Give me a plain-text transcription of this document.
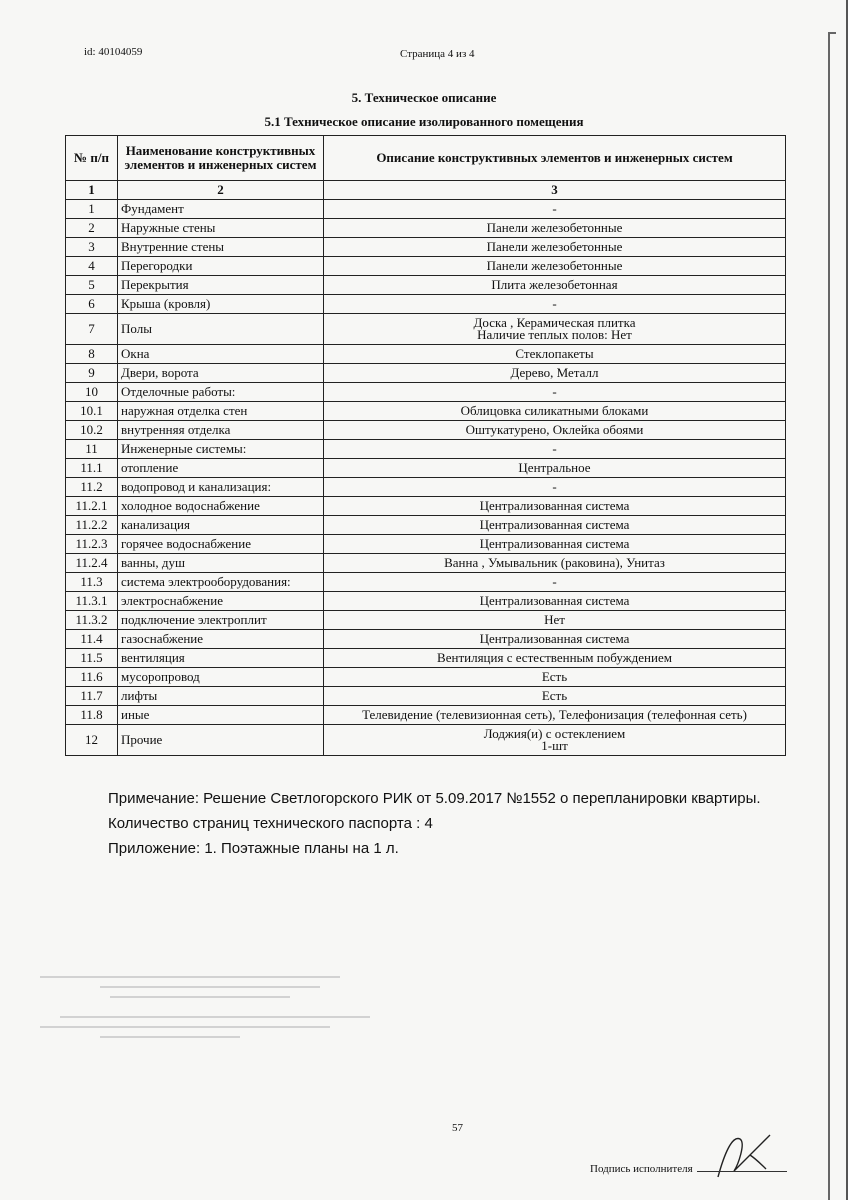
id: 40104059	Страница 4 из 4
5. Техническое описание
5.1 Техническое описание изолированного помещения
№ п/п	Наименование конструктивных элементов и инженерных систем	Описание конструктивных элементов и инженерных систем
1	2	3
1	Фундамент	-

2	Наружные стены	Панели железобетонные

3	Внутренние стены	Панели железобетонные

4	Перегородки	Панели железобетонные

5	Перекрытия	Плита железобетонная

6	Крыша (кровля)	-

7	Полы	Доска , Керамическая плитка
Наличие теплых полов: Нет

8	Окна	Стеклопакеты

9	Двери, ворота	Дерево, Металл

10	Отделочные работы:	-

10.1	наружная отделка стен	Облицовка силикатными блоками

10.2	внутренняя отделка	Оштукатурено, Оклейка обоями

11	Инженерные системы:	-

11.1	отопление	Центральное

11.2	водопровод и канализация:	-

11.2.1	холодное водоснабжение	Централизованная система

11.2.2	канализация	Централизованная система

11.2.3	горячее водоснабжение	Централизованная система

11.2.4	ванны, душ	Ванна , Умывальник (раковина), Унитаз

11.3	система электрооборудования:	-

11.3.1	электроснабжение	Централизованная система

11.3.2	подключение электроплит	Нет

11.4	газоснабжение	Централизованная система

11.5	вентиляция	Вентиляция с естественным побуждением

11.6	мусоропровод	Есть

11.7	лифты	Есть

11.8	иные	Телевидение (телевизионная сеть), Телефонизация (телефонная сеть)

12	Прочие	Лоджия(и) с остеклением
1-шт
Примечание: Решение Светлогорского РИК от 5.09.2017 №1552 о перепланировки квартиры.
Количество страниц технического паспорта : 4
Приложение: 1. Поэтажные планы на 1 л.
57
Подпись исполнителя
